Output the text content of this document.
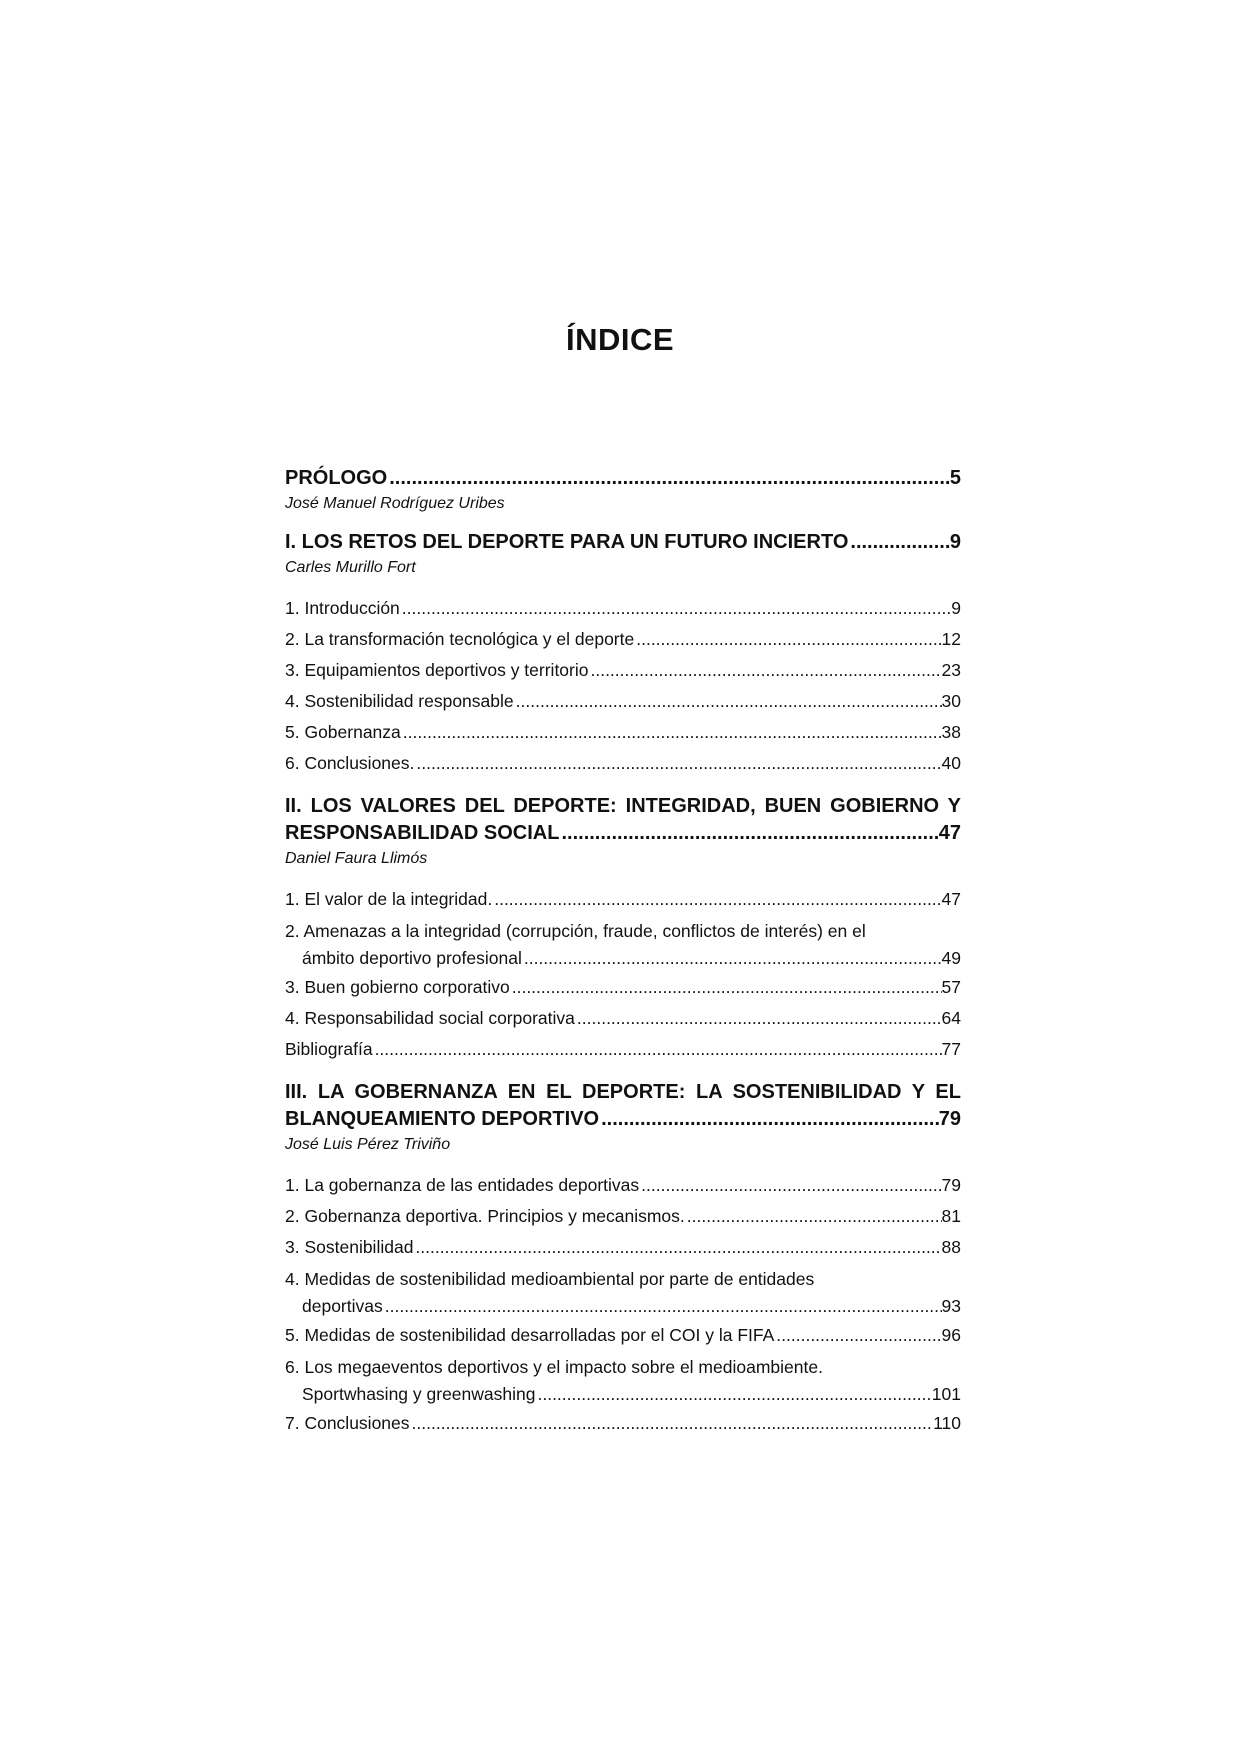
ÍNDICE
PRÓLOGO .....	5
José Manuel Rodríguez Uribes
I. LOS RETOS DEL DEPORTE PARA UN FUTURO INCIERTO .....	9
Carles Murillo Fort
1. Introducción .....	9
2. La transformación tecnológica y el deporte .....	12
3. Equipamientos deportivos y territorio .....	23
4. Sostenibilidad responsable .....	30
5. Gobernanza .....	38
6. Conclusiones. .....	40
II. LOS VALORES DEL DEPORTE: INTEGRIDAD, BUEN GOBIERNO Y
RESPONSABILIDAD SOCIAL .....	47
Daniel Faura Llimós
1. El valor de la integridad. .....	47
2. Amenazas a la integridad (corrupción, fraude, conflictos de interés) en el
ámbito deportivo profesional .....	49
3. Buen gobierno corporativo .....	57
4. Responsabilidad social corporativa .....	64
Bibliografía .....	77
III. LA GOBERNANZA EN EL DEPORTE: LA SOSTENIBILIDAD Y EL
BLANQUEAMIENTO DEPORTIVO .....	79
José Luis Pérez Triviño
1. La gobernanza de las entidades deportivas .....	79
2. Gobernanza deportiva. Principios y mecanismos. .....	81
3. Sostenibilidad .....	88
4. Medidas de sostenibilidad medioambiental por parte de entidades
deportivas .....	93
5. Medidas de sostenibilidad desarrolladas por el COI y la FIFA .....	96
6. Los megaeventos deportivos y el impacto sobre el medioambiente.
Sportwhasing y greenwashing .....	101
7. Conclusiones .....	110
